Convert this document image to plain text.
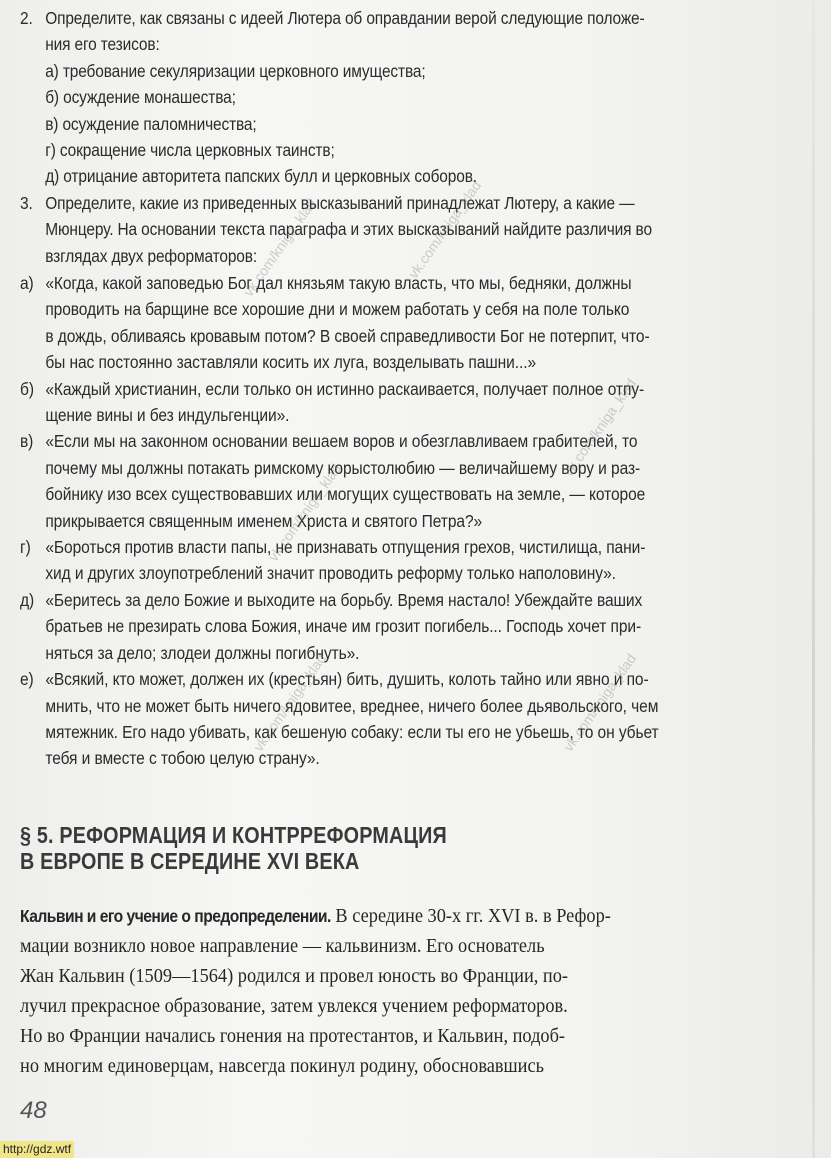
2. Определите, как связаны с идеей Лютера об оправдании верой следующие положе-
ния его тезисов:
а) требование секуляризации церковного имущества;
б) осуждение монашества;
в) осуждение паломничества;
г) сокращение числа церковных таинств;
д) отрицание авторитета папских булл и церковных соборов.
3. Определите, какие из приведенных высказываний принадлежат Лютеру, а какие —
Мюнцеру. На основании текста параграфа и этих высказываний найдите различия во
взглядах двух реформаторов:
а) «Когда, какой заповедью Бог дал князьям такую власть, что мы, бедняки, должны
проводить на барщине все хорошие дни и можем работать у себя на поле только
в дождь, обливаясь кровавым потом? В своей справедливости Бог не потерпит, что-
бы нас постоянно заставляли косить их луга, возделывать пашни...»
б) «Каждый христианин, если только он истинно раскаивается, получает полное отпу-
щение вины и без индульгенции».
в) «Если мы на законном основании вешаем воров и обезглавливаем грабителей, то
почему мы должны потакать римскому корыстолюбию — величайшему вору и раз-
бойнику изо всех существовавших или могущих существовать на земле, — которое
прикрывается священным именем Христа и святого Петра?»
г) «Бороться против власти папы, не признавать отпущения грехов, чистилища, пани-
хид и других злоупотреблений значит проводить реформу только наполовину».
д) «Беритесь за дело Божие и выходите на борьбу. Время настало! Убеждайте ваших
братьев не презирать слова Божия, иначе им грозит погибель... Господь хочет при-
няться за дело; злодеи должны погибнуть».
е) «Всякий, кто может, должен их (крестьян) бить, душить, колоть тайно или явно и по-
мнить, что не может быть ничего ядовитее, вреднее, ничего более дьявольского, чем
мятежник. Его надо убивать, как бешеную собаку: если ты его не убьешь, то он убьет
тебя и вместе с тобою целую страну».
§ 5. РЕФОРМАЦИЯ И КОНТРРЕФОРМАЦИЯ
В ЕВРОПЕ В СЕРЕДИНЕ XVI ВЕКА
Кальвин и его учение о предопределении. В середине 30-х гг. XVI в. в Рефор-
мации возникло новое направление — кальвинизм. Его основатель
Жан Кальвин (1509—1564) родился и провел юность во Франции, по-
лучил прекрасное образование, затем увлекся учением реформаторов.
Но во Франции начались гонения на протестантов, и Кальвин, подоб-
но многим единоверцам, навсегда покинул родину, обосновавшись
vk.com/kniga_klad	vk.com/kniga_klad
vk.com/kniga_klad
vk.com/kniga_klad
vk.com/kniga_klad	vk.com/kniga_klad
48
http://gdz.wtf
